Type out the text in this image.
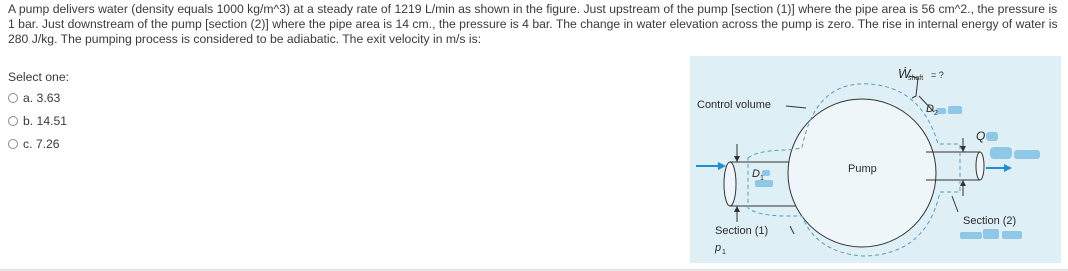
A pump delivers water (density equals 1000 kg/m^3) at a steady rate of 1219 L/min as shown in the figure. Just upstream of the pump [section (1)] where the pipe area is 56 cm^2., the pressure is 1 bar. Just downstream of the pump [section (2)] where the pipe area is 14 cm., the pressure is 4 bar. The change in water elevation across the pump is zero. The rise in internal energy of water is 280 J/kg. The pumping process is considered to be adiabatic. The exit velocity in m/s is:
Select one:
a. 3.63
b. 14.51
c. 7.26
Ẇ
shaft = ?
Control volume	D 2
Q
D 1
Pump
Section (1)
p 1
Section (2)
